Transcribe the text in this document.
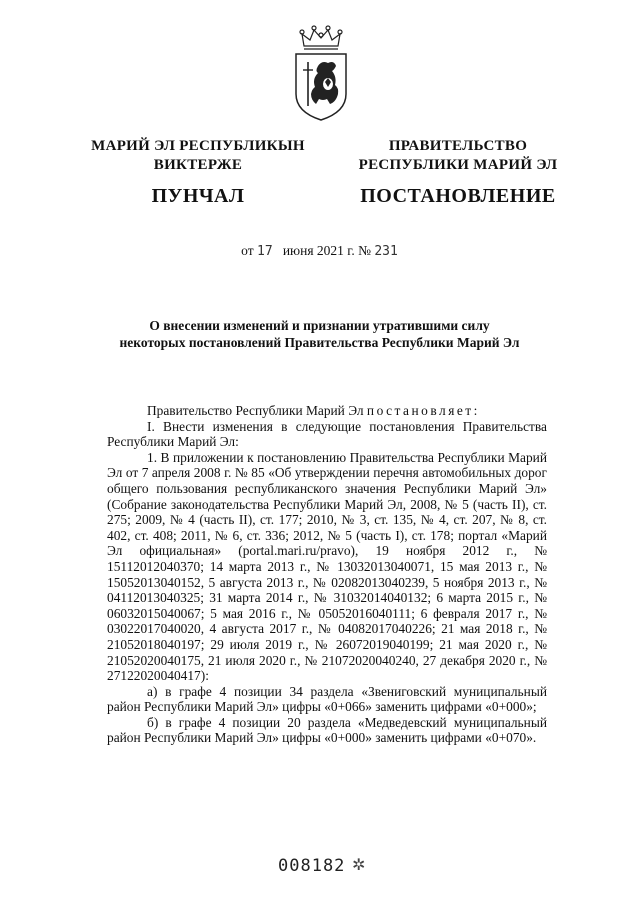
МАРИЙ ЭЛ РЕСПУБЛИКЫН
ВИКТЕРЖЕ
ПУНЧАЛ
ПРАВИТЕЛЬСТВО
РЕСПУБЛИКИ МАРИЙ ЭЛ
ПОСТАНОВЛЕНИЕ
от 17 июня 2021 г. № 231
О внесении изменений и признании утратившими силу
некоторых постановлений Правительства Республики Марий Эл

Правительство Республики Марий Эл постановляет:

I. Внести изменения в следующие постановления Правительства Республики Марий Эл:

1. В приложении к постановлению Правительства Республики Марий Эл от 7 апреля 2008 г. № 85 «Об утверждении перечня автомобильных дорог общего пользования республиканского значения Республики Марий Эл» (Собрание законодательства Республики Марий Эл, 2008, № 5 (часть II), ст. 275; 2009, № 4 (часть II), ст. 177; 2010, № 3, ст. 135, № 4, ст. 207, № 8, ст. 402, ст. 408; 2011, № 6, ст. 336; 2012, № 5 (часть I), ст. 178; портал «Марий Эл официальная» (portal.mari.ru/pravo), 19 ноября 2012 г., № 15112012040370; 14 марта 2013 г., № 13032013040071, 15 мая 2013 г., № 15052013040152, 5 августа 2013 г., № 02082013040239, 5 ноября 2013 г., № 04112013040325; 31 марта 2014 г., № 31032014040132; 6 марта 2015 г., № 06032015040067; 5 мая 2016 г., № 05052016040111; 6 февраля 2017 г., № 03022017040020, 4 августа 2017 г., № 04082017040226; 21 мая 2018 г., № 21052018040197; 29 июля 2019 г., № 26072019040199; 21 мая 2020 г., № 21052020040175, 21 июля 2020 г., № 21072020040240, 27 декабря 2020 г., № 27122020040417):

а) в графе 4 позиции 34 раздела «Звениговский муниципальный район Республики Марий Эл» цифры «0+066» заменить цифрами «0+000»;

б) в графе 4 позиции 20 раздела «Медведевский муниципальный район Республики Марий Эл» цифры «0+000» заменить цифрами «0+070».

008182 ✲
